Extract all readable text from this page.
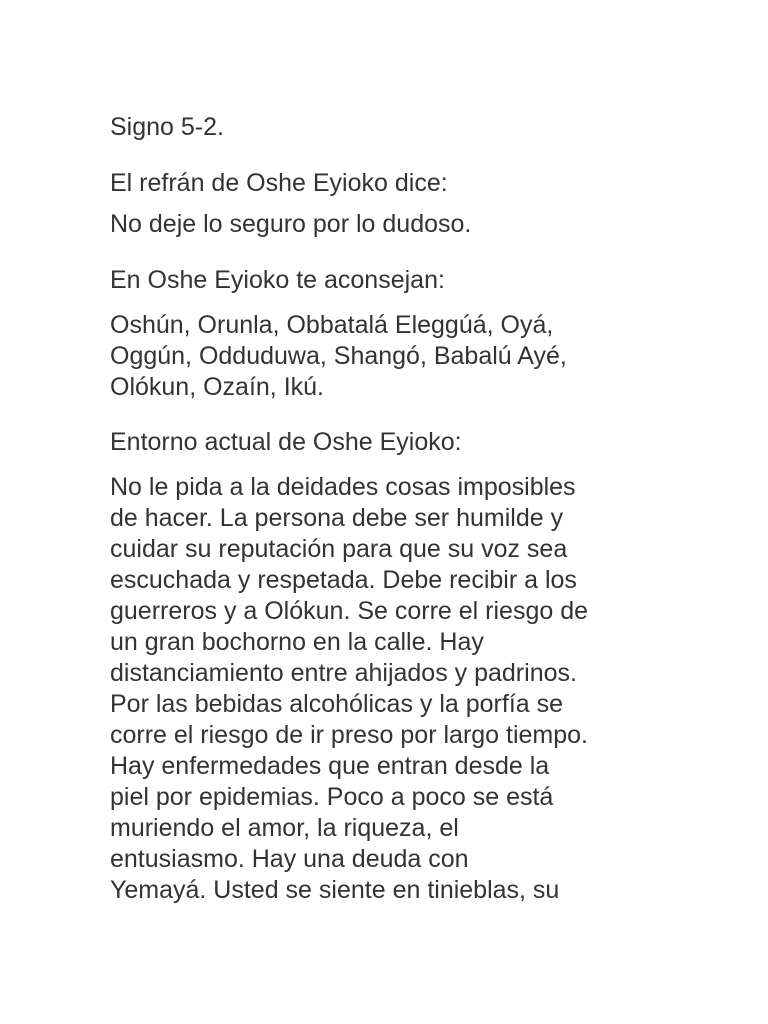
Signo 5-2.

El refrán de Oshe Eyioko dice:

No deje lo seguro por lo dudoso.

En Oshe Eyioko te aconsejan:

Oshún, Orunla, Obbatalá Eleggúá, Oyá,
Oggún, Odduduwa, Shangó, Babalú Ayé,
Olókun, Ozaín, Ikú.

Entorno actual de Oshe Eyioko:

No le pida a la deidades cosas imposibles
de hacer. La persona debe ser humilde y
cuidar su reputación para que su voz sea
escuchada y respetada. Debe recibir a los
guerreros y a Olókun. Se corre el riesgo de
un gran bochorno en la calle. Hay
distanciamiento entre ahijados y padrinos.
Por las bebidas alcohólicas y la porfía se
corre el riesgo de ir preso por largo tiempo.
Hay enfermedades que entran desde la
piel por epidemias. Poco a poco se está
muriendo el amor, la riqueza, el
entusiasmo. Hay una deuda con
Yemayá. Usted se siente en tinieblas, su
